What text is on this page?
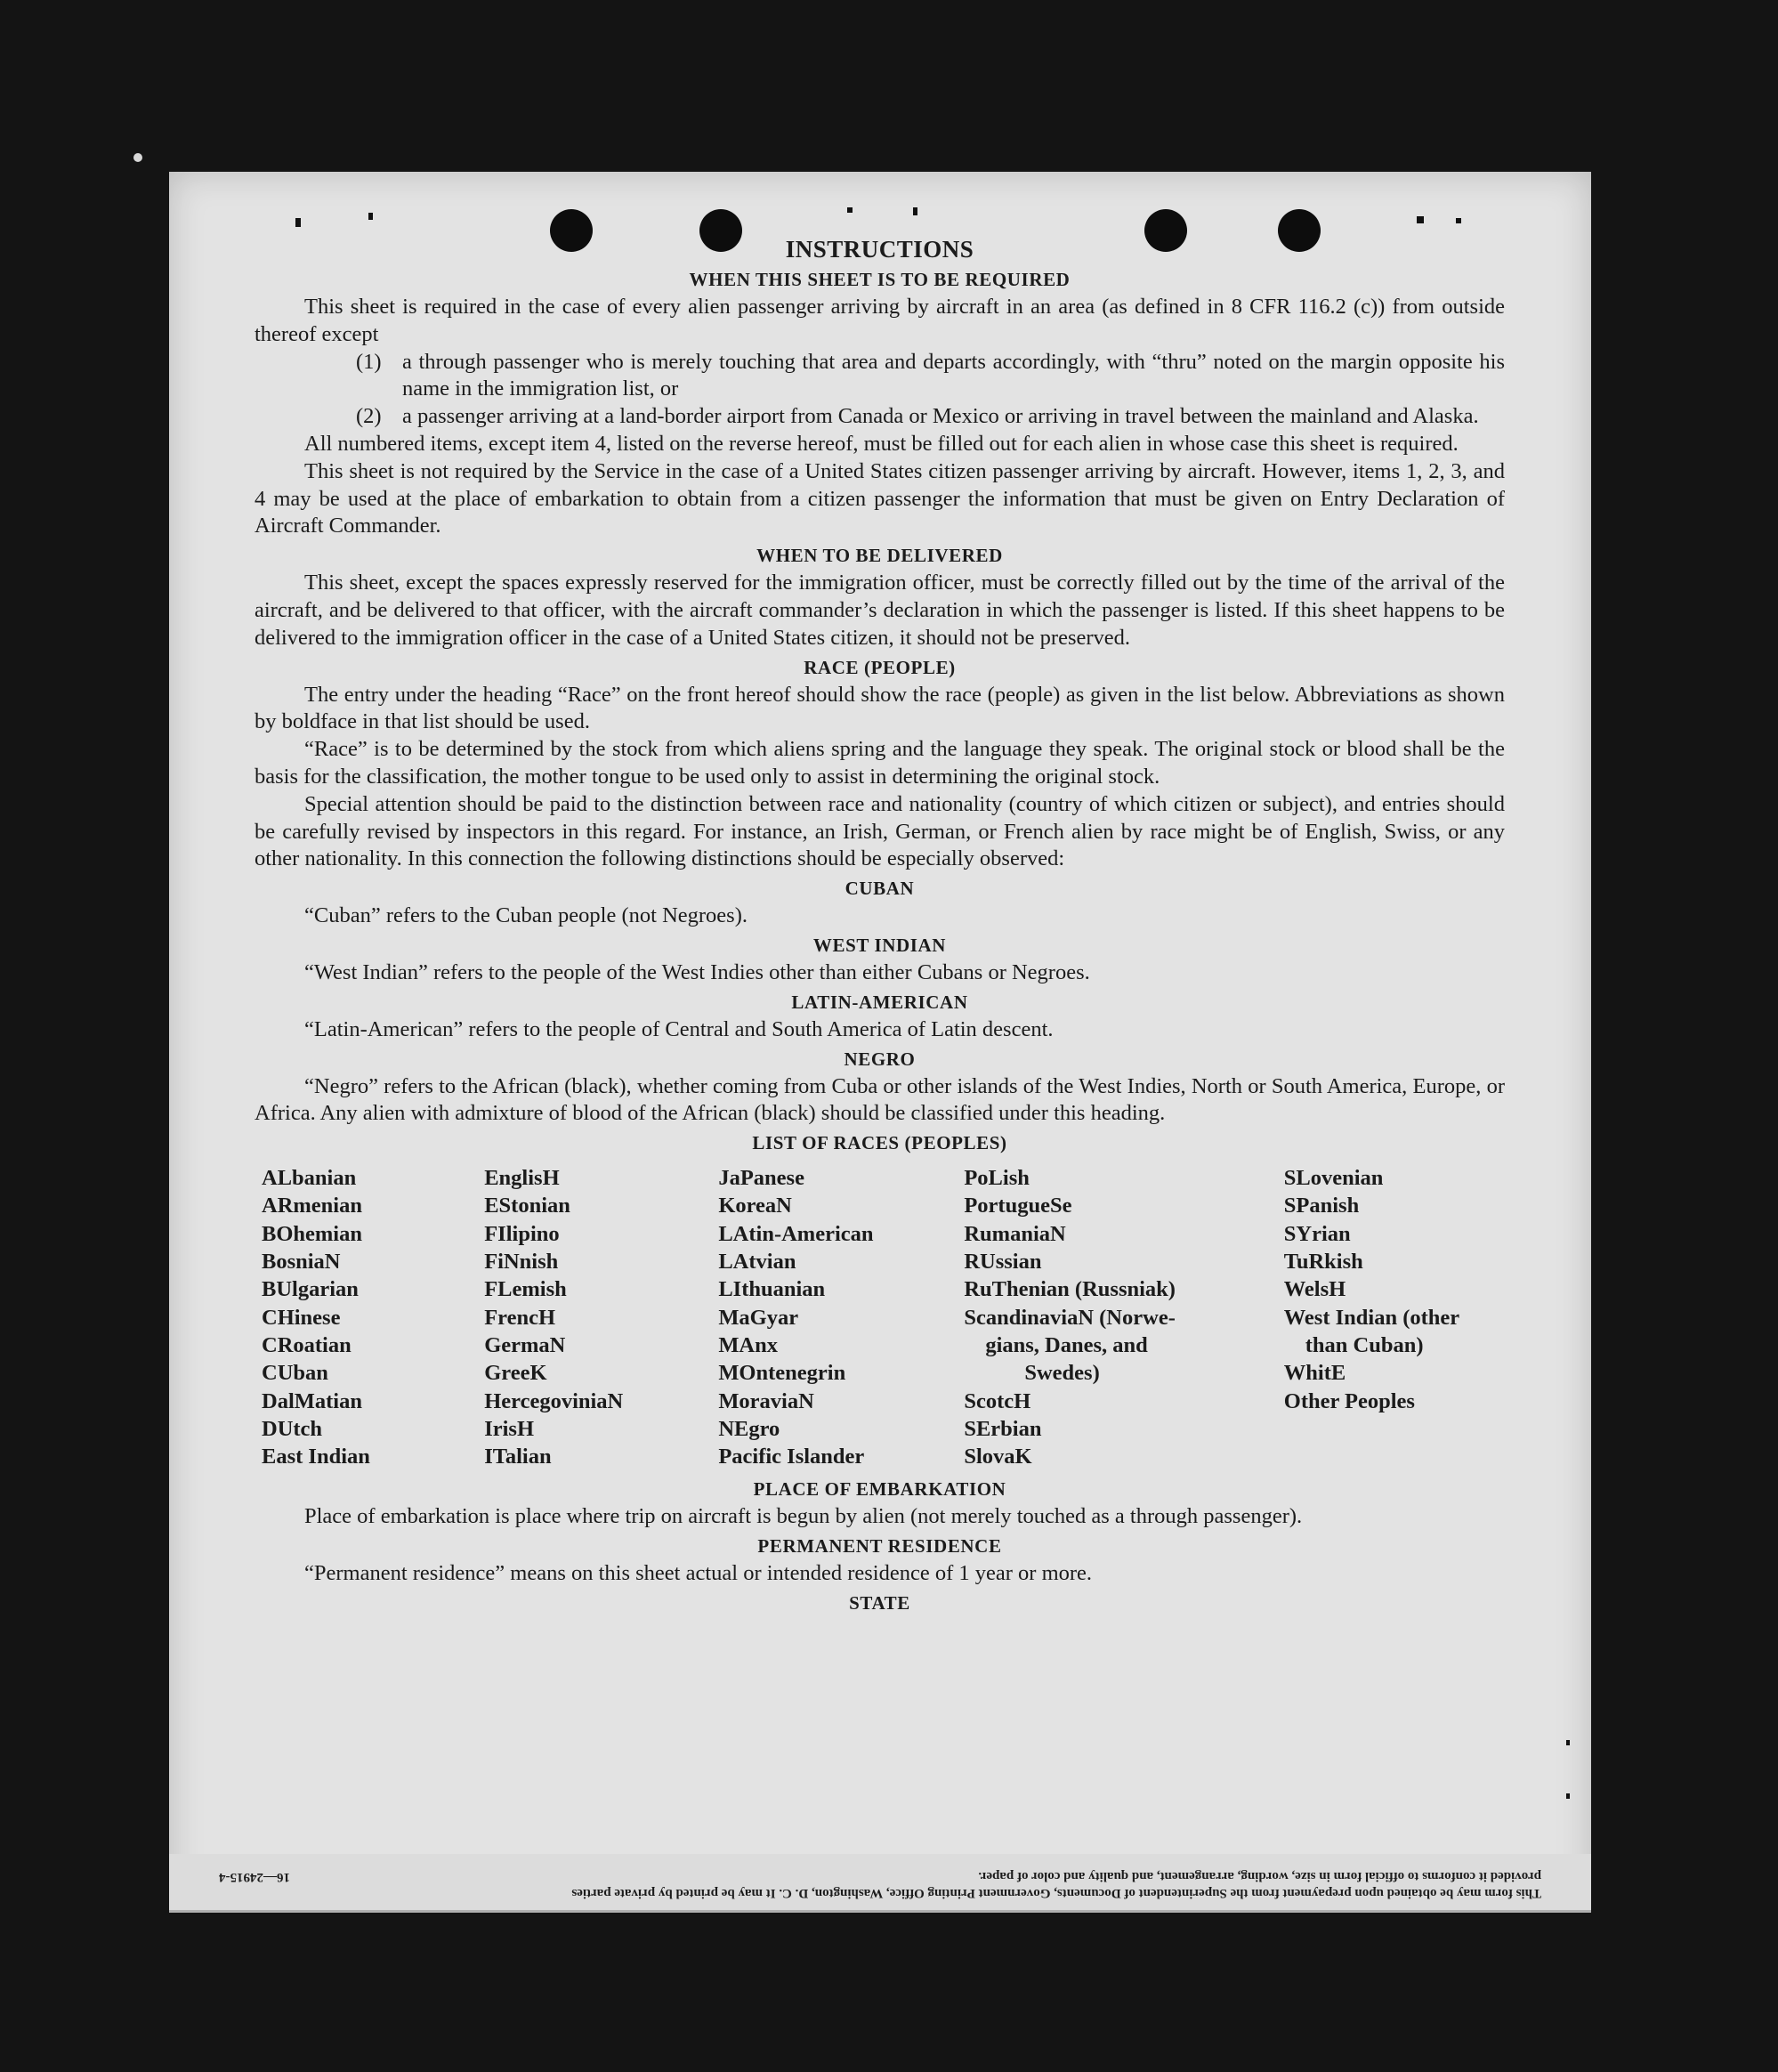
INSTRUCTIONS
WHEN THIS SHEET IS TO BE REQUIRED

This sheet is required in the case of every alien passenger arriving by aircraft in an area (as defined in 8 CFR 116.2 (c)) from outside thereof except

(1) a through passenger who is merely touching that area and departs accordingly, with “thru” noted on the margin opposite his name in the immigration list, or

(2) a passenger arriving at a land-border airport from Canada or Mexico or arriving in travel between the mainland and Alaska.

All numbered items, except item 4, listed on the reverse hereof, must be filled out for each alien in whose case this sheet is required.

This sheet is not required by the Service in the case of a United States citizen passenger arriving by aircraft. However, items 1, 2, 3, and 4 may be used at the place of embarkation to obtain from a citizen passenger the information that must be given on Entry Declaration of Aircraft Commander.

WHEN TO BE DELIVERED

This sheet, except the spaces expressly reserved for the immigration officer, must be correctly filled out by the time of the arrival of the aircraft, and be delivered to that officer, with the aircraft commander’s declaration in which the passenger is listed. If this sheet happens to be delivered to the immigration officer in the case of a United States citizen, it should not be preserved.

RACE (PEOPLE)

The entry under the heading “Race” on the front hereof should show the race (people) as given in the list below. Abbreviations as shown by boldface in that list should be used.

“Race” is to be determined by the stock from which aliens spring and the language they speak. The original stock or blood shall be the basis for the classification, the mother tongue to be used only to assist in determining the original stock.

Special attention should be paid to the distinction between race and nationality (country of which citizen or subject), and entries should be carefully revised by inspectors in this regard. For instance, an Irish, German, or French alien by race might be of English, Swiss, or any other nationality. In this connection the following distinctions should be especially observed:

CUBAN

“Cuban” refers to the Cuban people (not Negroes).

WEST INDIAN

“West Indian” refers to the people of the West Indies other than either Cubans or Negroes.

LATIN-AMERICAN

“Latin-American” refers to the people of Central and South America of Latin descent.

NEGRO

“Negro” refers to the African (black), whether coming from Cuba or other islands of the West Indies, North or South America, Europe, or Africa. Any alien with admixture of blood of the African (black) should be classified under this heading.

LIST OF RACES (PEOPLES)
ALbanian
ARmenian
BOhemian
BosniaN
BUlgarian
CHinese
CRoatian
CUban
DalMatian
DUtch
East Indian
EnglisH
EStonian
FIlipino
FiNnish
FLemish
FrencH
GermaN
GreeK
HercegoviniaN
IrisH
ITalian
JaPanese
KoreaN
LAtin-American
LAtvian
LIthuanian
MaGyar
MAnx
MOntenegrin
MoraviaN
NEgro
Pacific Islander
PoLish
PortugueSe
RumaniaN
RUssian
RuThenian (Russniak)
ScandinaviaN (Norwe-
gians, Danes, and
Swedes)
ScotcH
SErbian
SlovaK
SLovenian
SPanish
SYrian
TuRkish
WelsH
West Indian (other
than Cuban)
WhitE
Other Peoples
PLACE OF EMBARKATION

Place of embarkation is place where trip on aircraft is begun by alien (not merely touched as a through passenger).

PERMANENT RESIDENCE

“Permanent residence” means on this sheet actual or intended residence of 1 year or more.

STATE
This form may be obtained upon prepayment from the Superintendent of Documents, Government Printing Office, Washington, D. C. It may be printed by private parties
provided it conforms to official form in size, wording, arrangement, and quality and color of paper.
16—24915-4
